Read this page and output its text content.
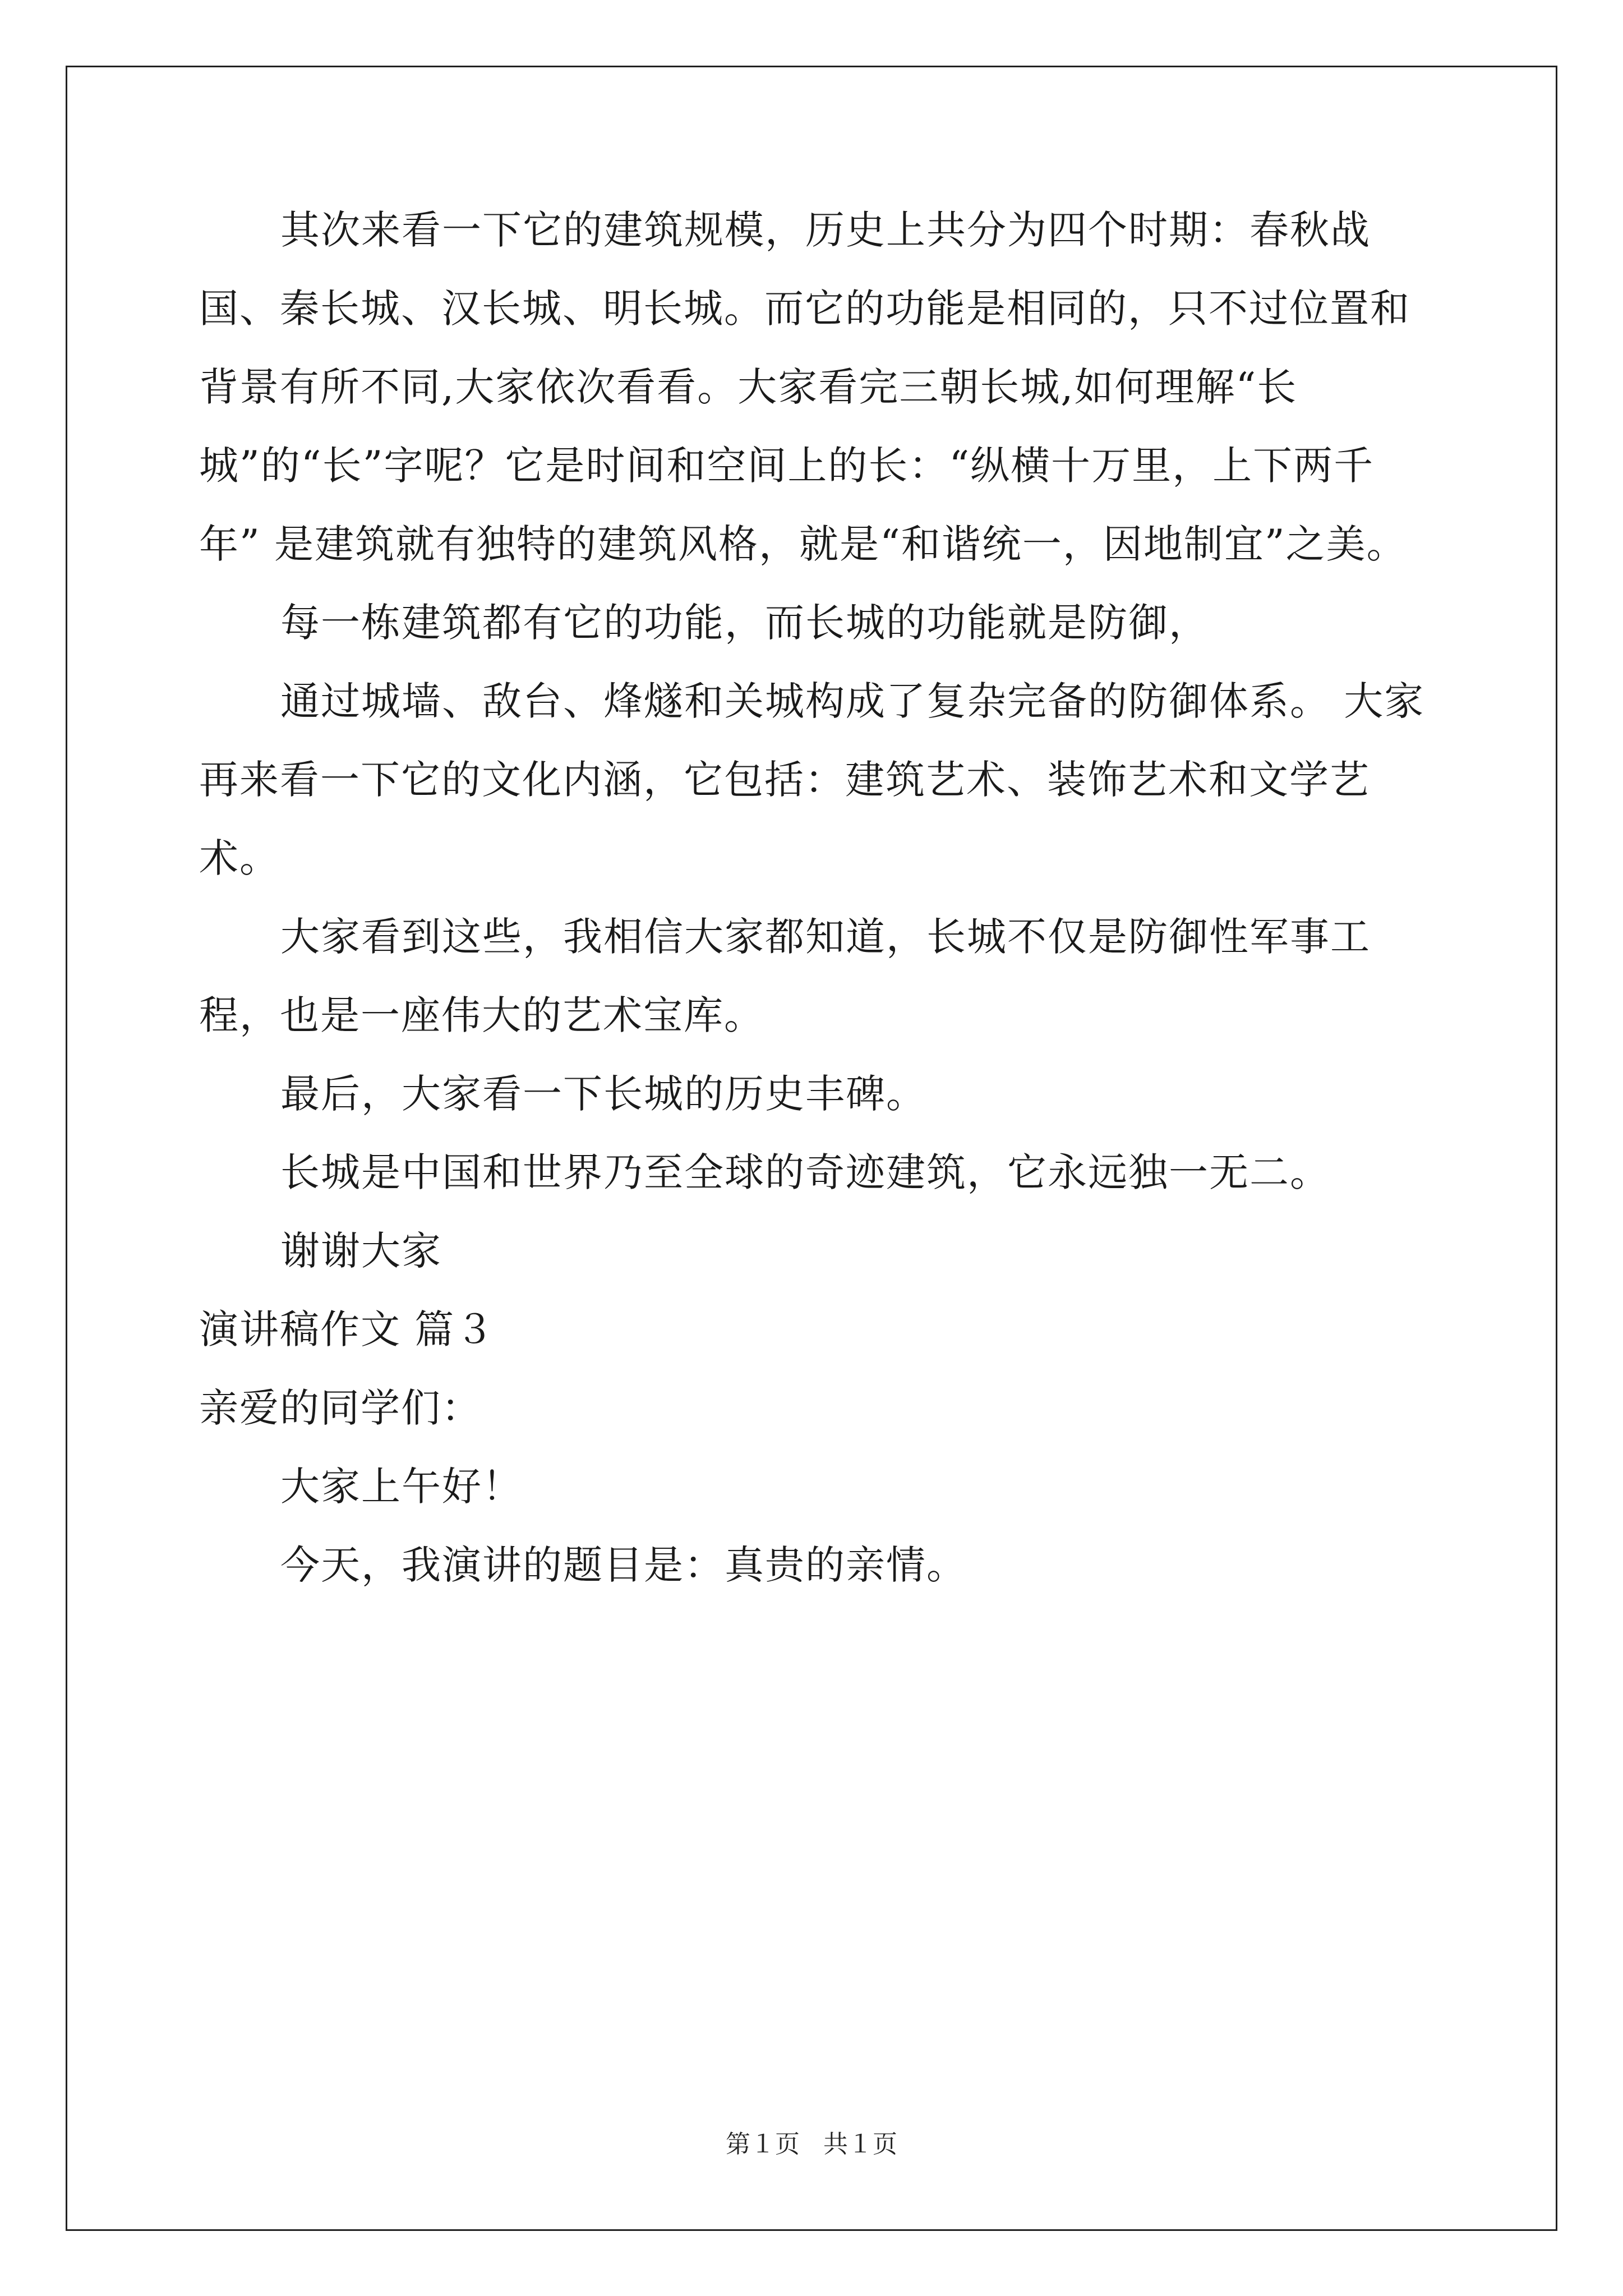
其次来看一下它的建筑规模，历史上共分为四个时期：春秋战国、秦长城、汉长城、明长城。而它的功能是相同的，只不过位置和背景有所不同,大家依次看看。大家看完三朝长城,如何理解“长城”的“长”字呢？它是时间和空间上的长：“纵横十万里，上下两千年” 是建筑就有独特的建筑风格，就是“和谐统一，因地制宜”之美。

每一栋建筑都有它的功能，而长城的功能就是防御，

通过城墙、敌台、烽燧和关城构成了复杂完备的防御体系。 大家再来看一下它的文化内涵，它包括：建筑艺术、装饰艺术和文学艺术。

大家看到这些，我相信大家都知道，长城不仅是防御性军事工程，也是一座伟大的艺术宝库。

最后，大家看一下长城的历史丰碑。

长城是中国和世界乃至全球的奇迹建筑，它永远独一无二。

谢谢大家

演讲稿作文 篇３

亲爱的同学们：

大家上午好！

今天，我演讲的题目是：真贵的亲情。

第１页 共１页
